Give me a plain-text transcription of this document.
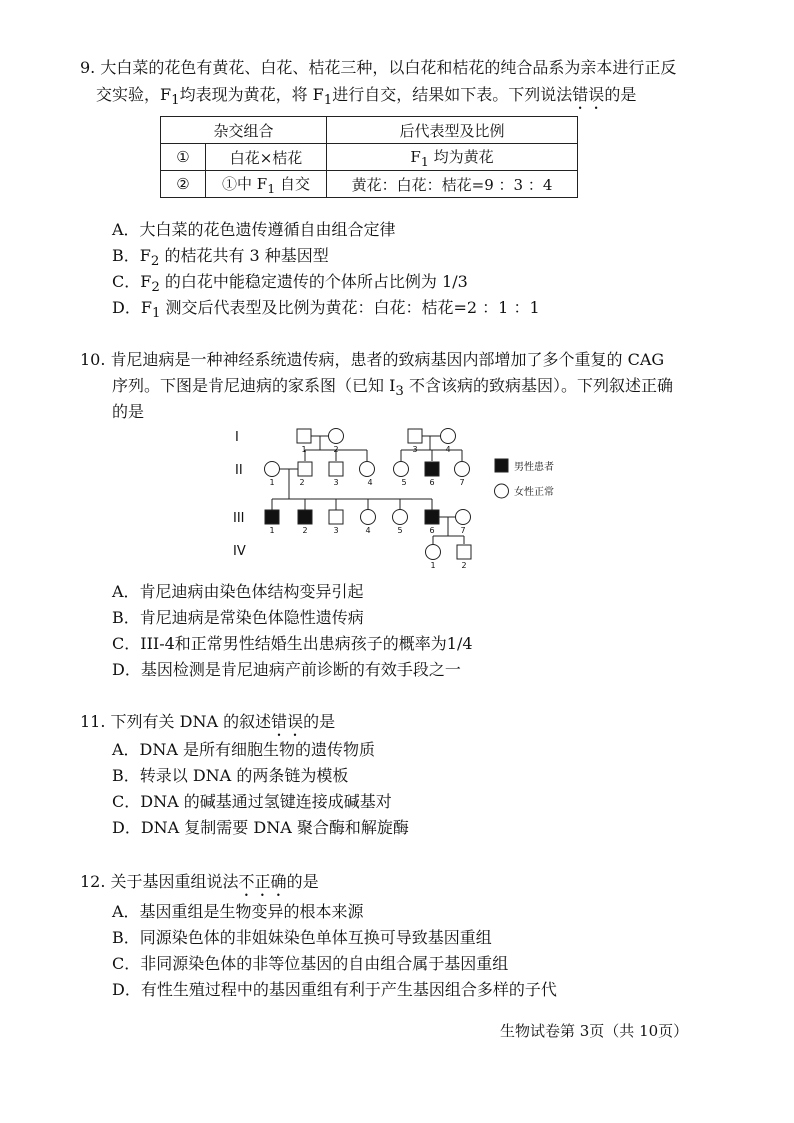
9. 大白菜的花色有黄花、白花、桔花三种，以白花和桔花的纯合品系为亲本进行正反
交实验，$F_1$均表现为黄花，将 $F_1$进行自交，结果如下表。下列说法错误的是
杂交组合		后代表型及比例
①	白花×桔花	$F_1$ 均为黄花
②	①中 $F_1$ 自交	黄花：白花：桔花=9 ：3 ：4
A．大白菜的花色遗传遵循自由组合定律
B．$F_2$ 的桔花共有 3 种基因型
C．$F_2$ 的白花中能稳定遗传的个体所占比例为 1/3
D．$F_1$ 测交后代表型及比例为黄花：白花：桔花=2 ：1 ：1
10. 肯尼迪病是一种神经系统遗传病，患者的致病基因内部增加了多个重复的 CAG
序列。下图是肯尼迪病的家系图（已知 $I_3$ 不含该病的致病基因）。下列叙述正确
的是
I
II
III
IV
1	2	3	4
1	2	3	4	5	6	7
1	2	3	4	5	6	7
1	2
男性患者
女性正常
A．肯尼迪病由染色体结构变异引起
B．肯尼迪病是常染色体隐性遗传病
C．III-4和正常男性结婚生出患病孩子的概率为1/4
D．基因检测是肯尼迪病产前诊断的有效手段之一
11. 下列有关 DNA 的叙述错误的是
A．DNA 是所有细胞生物的遗传物质
B．转录以 DNA 的两条链为模板
C．DNA 的碱基通过氢键连接成碱基对
D．DNA 复制需要 DNA 聚合酶和解旋酶
12. 关于基因重组说法不正确的是
A．基因重组是生物变异的根本来源
B．同源染色体的非姐妹染色单体互换可导致基因重组
C．非同源染色体的非等位基因的自由组合属于基因重组
D．有性生殖过程中的基因重组有利于产生基因组合多样的子代
生物试卷第 3页（共 10页）
